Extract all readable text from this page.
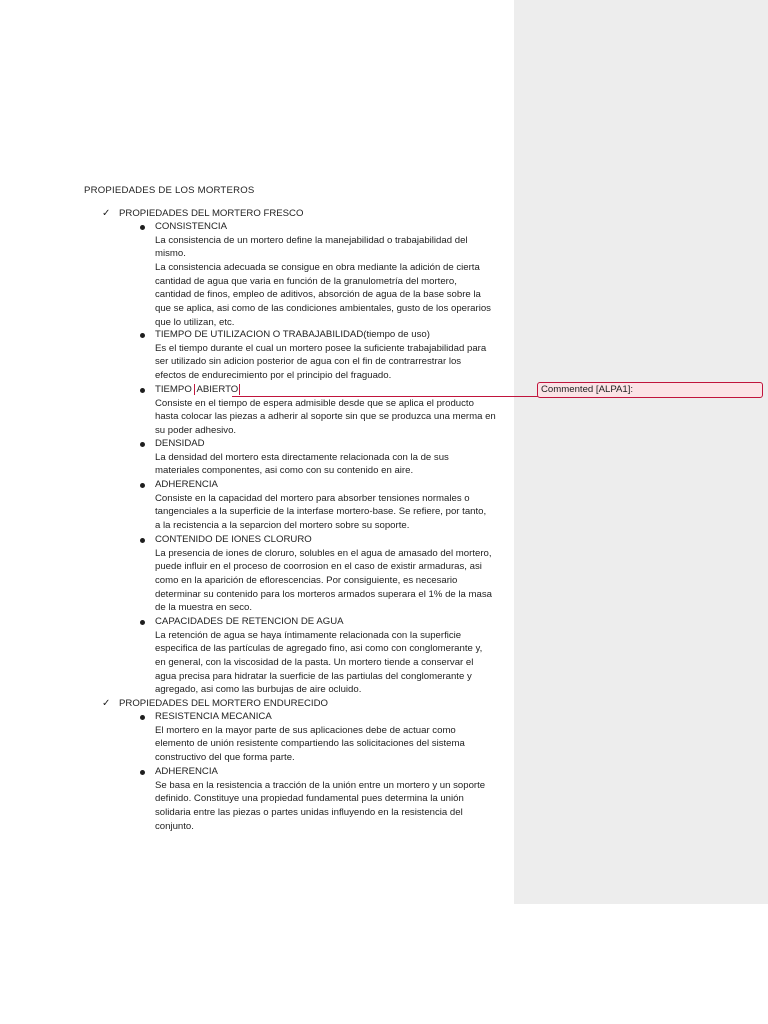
PROPIEDADES DE LOS MORTEROS
✓ PROPIEDADES DEL MORTERO FRESCO
CONSISTENCIA
La consistencia de un mortero define la manejabilidad o trabajabilidad del
mismo.
La consistencia adecuada se consigue en obra mediante la adición de cierta
cantidad de agua que varia en función de la granulometría del mortero,
cantidad de finos, empleo de aditivos, absorción de agua de la base sobre la
que se aplica, asi como de las condiciones ambientales, gusto de los operarios
que lo utilizan, etc.
TIEMPO DE UTILIZACION O TRABAJABILIDAD(tiempo de uso)
Es el tiempo durante el cual un mortero posee la suficiente trabajabilidad para
ser utilizado sin adicion posterior de agua con el fin de contrarrestrar los
efectos de endurecimiento por el principio del fraguado.
TIEMPO ABIERTO
Consiste en el tiempo de espera admisible desde que se aplica el producto
hasta colocar las piezas a adherir al soporte sin que se produzca una merma en
su poder adhesivo.
DENSIDAD
La densidad del mortero esta directamente relacionada con la de sus
materiales componentes, asi como con su contenido en aire.
ADHERENCIA
Consiste en la capacidad del mortero para absorber tensiones normales o
tangenciales a la superficie de la interfase mortero-base. Se refiere, por tanto,
a la recistencia a la separcion del mortero sobre su soporte.
CONTENIDO DE IONES CLORURO
La presencia de iones de cloruro, solubles en el agua de amasado del mortero,
puede influir en el proceso de coorrosion en el caso de existir armaduras, asi
como en la aparición de eflorescencias. Por consiguiente, es necesario
determinar su contenido para los morteros armados superara el 1% de la masa
de la muestra en seco.
CAPACIDADES DE RETENCION DE AGUA
La retención de agua se haya íntimamente relacionada con la superficie
especifica de las partículas de agregado fino, asi como con conglomerante y,
en general, con la viscosidad de la pasta. Un mortero tiende a conservar el
agua precisa para hidratar la suerficie de las partiulas del conglomerante y
agregado, asi como las burbujas de aire ocluido.
✓ PROPIEDADES DEL MORTERO ENDURECIDO
RESISTENCIA MECANICA
El mortero en la mayor parte de sus aplicaciones debe de actuar como
elemento de unión resistente compartiendo las solicitaciones del sistema
constructivo del que forma parte.
ADHERENCIA
Se basa en la resistencia a tracción de la unión entre un mortero y un soporte
definido. Constituye una propiedad fundamental pues determina la unión
solidaria entre las piezas o partes unidas influyendo en la resistencia del
conjunto.
Commented [ALPA1]:
